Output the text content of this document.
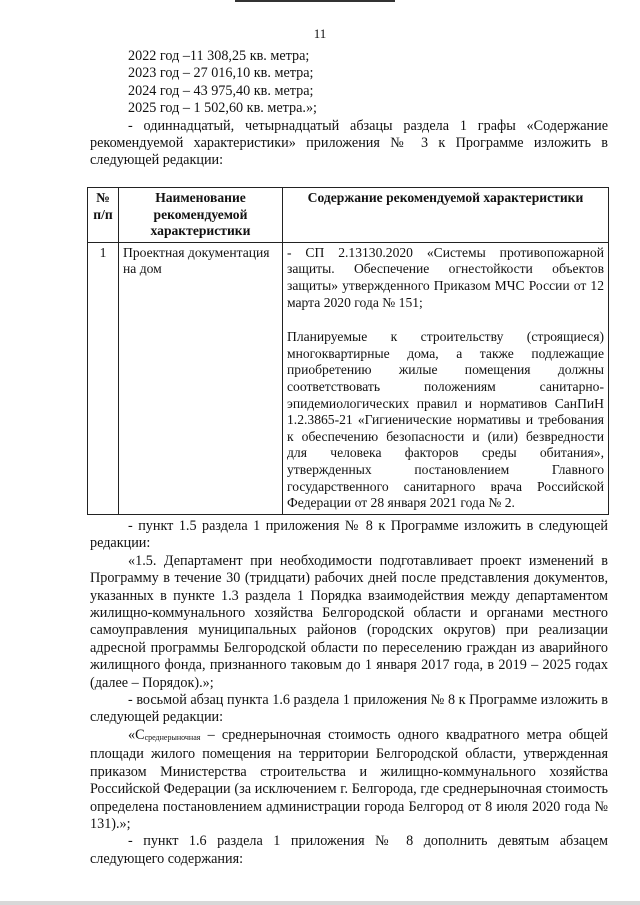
11
2022 год –11 308,25 кв. метра;
2023 год – 27 016,10 кв. метра;
2024 год – 43 975,40 кв. метра;
2025 год – 1 502,60 кв. метра.»;
- одиннадцатый, четырнадцатый абзацы раздела 1 графы «Содержание рекомендуемой характеристики» приложения № 3 к Программе изложить в следующей редакции:
№ п/п	Наименование рекомендуемой характеристики	Содержание рекомендуемой характеристики
1	Проектная документация на дом	- СП 2.13130.2020 «Системы противопожарной защиты. Обеспечение огнестойкости объектов защиты» утвержденного Приказом МЧС России от 12 марта 2020 года № 151;
Планируемые к строительству (строящиеся) многоквартирные дома, а также подлежащие приобретению жилые помещения должны соответствовать положениям санитарно-эпидемиологических правил и нормативов СанПиН 1.2.3865-21 «Гигиенические нормативы и требования к обеспечению безопасности и (или) безвредности для человека факторов среды обитания», утвержденных постановлением Главного государственного санитарного врача Российской Федерации от 28 января 2021 года № 2.
- пункт 1.5 раздела 1 приложения № 8 к Программе изложить в следующей редакции:
«1.5. Департамент при необходимости подготавливает проект изменений в Программу в течение 30 (тридцати) рабочих дней после представления документов, указанных в пункте 1.3 раздела 1 Порядка взаимодействия между департаментом жилищно-коммунального хозяйства Белгородской области и органами местного самоуправления муниципальных районов (городских округов) при реализации адресной программы Белгородской области по переселению граждан из аварийного жилищного фонда, признанного таковым до 1 января 2017 года, в 2019 – 2025 годах (далее – Порядок).»;
- восьмой абзац пункта 1.6 раздела 1 приложения № 8 к Программе изложить в следующей редакции:
«Ссреднерыночная – среднерыночная стоимость одного квадратного метра общей площади жилого помещения на территории Белгородской области, утвержденная приказом Министерства строительства и жилищно-коммунального хозяйства Российской Федерации (за исключением г. Белгорода, где среднерыночная стоимость определена постановлением администрации города Белгород от 8 июля 2020 года № 131).»;
- пункт 1.6 раздела 1 приложения № 8 дополнить девятым абзацем следующего содержания:
